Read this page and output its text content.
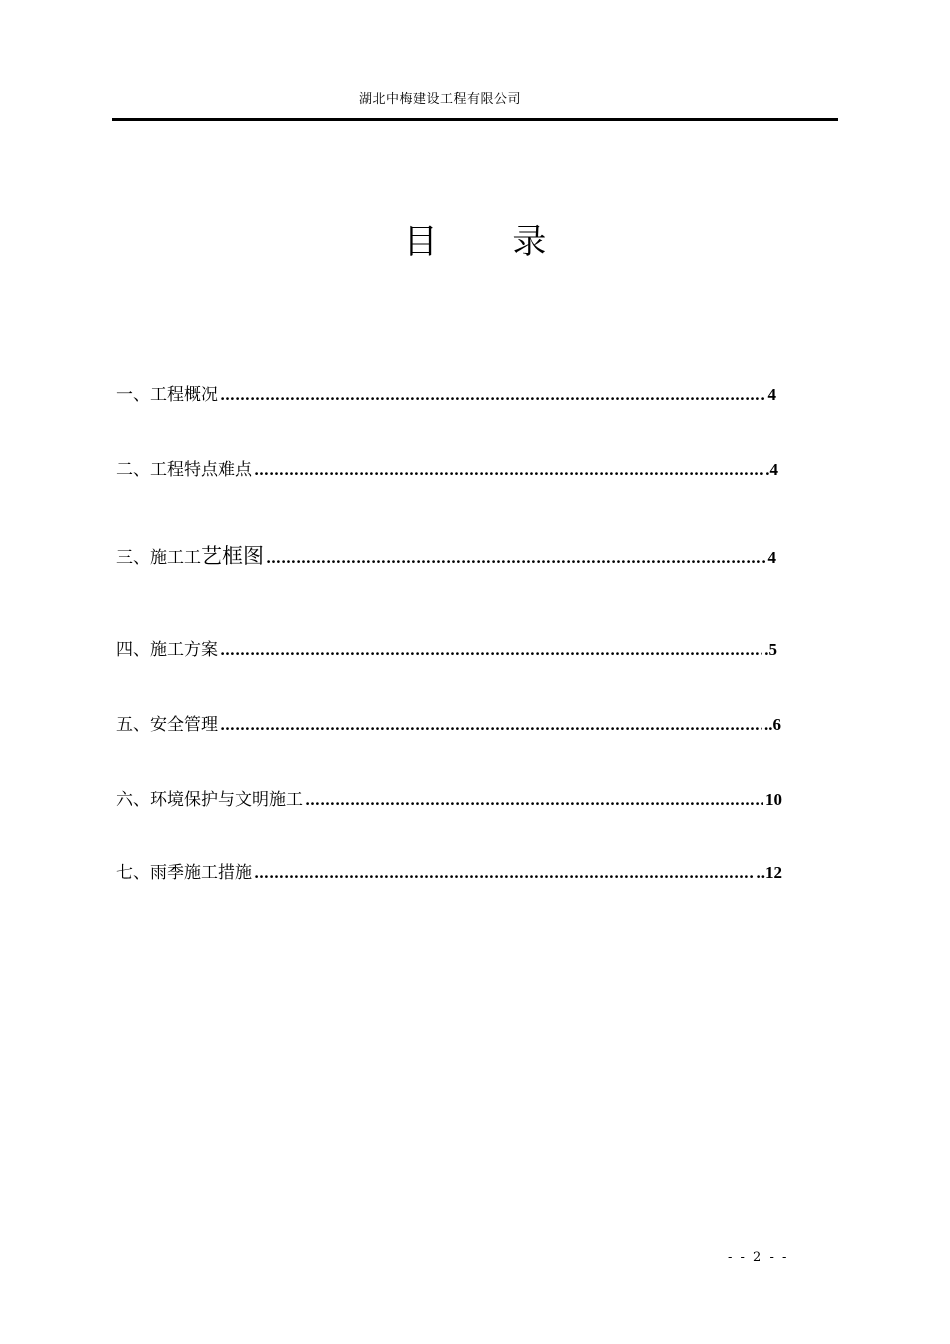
湖北中梅建设工程有限公司
目 录
一、工程概况 ……………………………………………………………………………………………………………………………………………	4
二、工程特点难点 ……………………………………………………………………………………………………………………………………………	.4
三、施工工艺框图 ……………………………………………………………………………………………………………………………………………	4
四、施工方案 ……………………………………………………………………………………………………………………………………………	.5
五、安全管理 ……………………………………………………………………………………………………………………………………………	..6
六、环境保护与文明施工 ……………………………………………………………………………………………………………………………………………	10
七、雨季施工措施 ……………………………………………………………………………………………………………………………………………	..12
- - 2 - -
